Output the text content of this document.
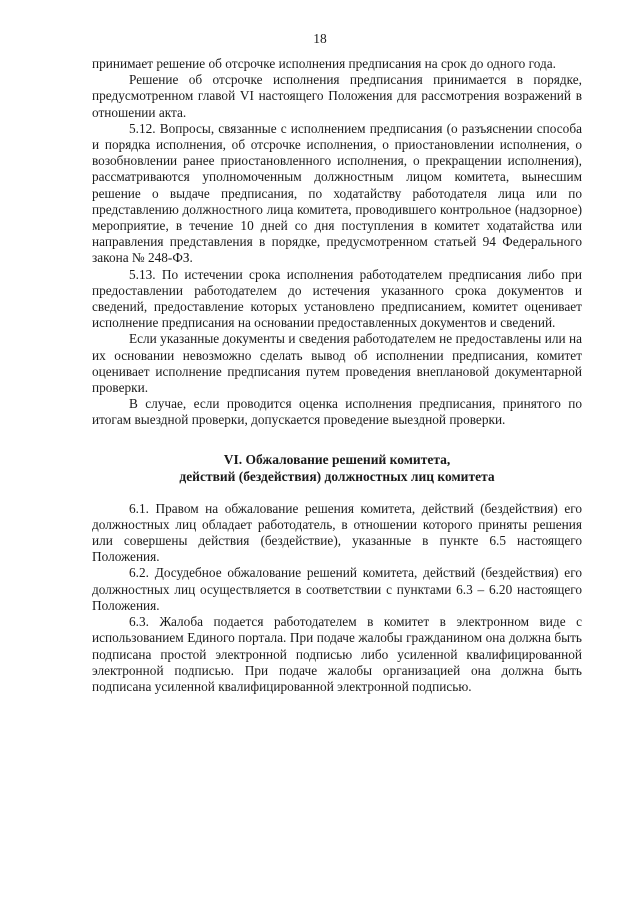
18

принимает решение об отсрочке исполнения предписания на срок до одного года.

Решение об отсрочке исполнения предписания принимается в порядке, предусмотренном главой VI настоящего Положения для рассмотрения возражений в отношении акта.

5.12. Вопросы, связанные с исполнением предписания (о разъяснении способа и порядка исполнения, об отсрочке исполнения, о приостановлении исполнения, о возобновлении ранее приостановленного исполнения, о прекращении исполнения), рассматриваются уполномоченным должностным лицом комитета, вынесшим решение о выдаче предписания, по ходатайству работодателя лица или по представлению должностного лица комитета, проводившего контрольное (надзорное) мероприятие, в течение 10 дней со дня поступления в комитет ходатайства или направления представления в порядке, предусмотренном статьей 94 Федерального закона № 248-ФЗ.

5.13. По истечении срока исполнения работодателем предписания либо при предоставлении работодателем до истечения указанного срока документов и сведений, предоставление которых установлено предписанием, комитет оценивает исполнение предписания на основании предоставленных документов и сведений.

Если указанные документы и сведения работодателем не предоставлены или на их основании невозможно сделать вывод об исполнении предписания, комитет оценивает исполнение предписания путем проведения внеплановой документарной проверки.

В случае, если проводится оценка исполнения предписания, принятого по итогам выездной проверки, допускается проведение выездной проверки.

VI. Обжалование решений комитета,
действий (бездействия) должностных лиц комитета

6.1. Правом на обжалование решения комитета, действий (бездействия) его должностных лиц обладает работодатель, в отношении которого приняты решения или совершены действия (бездействие), указанные в пункте 6.5 настоящего Положения.

6.2. Досудебное обжалование решений комитета, действий (бездействия) его должностных лиц осуществляется в соответствии с пунктами 6.3 – 6.20 настоящего Положения.

6.3. Жалоба подается работодателем в комитет в электронном виде с использованием Единого портала. При подаче жалобы гражданином она должна быть подписана простой электронной подписью либо усиленной квалифицированной электронной подписью. При подаче жалобы организацией она должна быть подписана усиленной квалифицированной электронной подписью.
